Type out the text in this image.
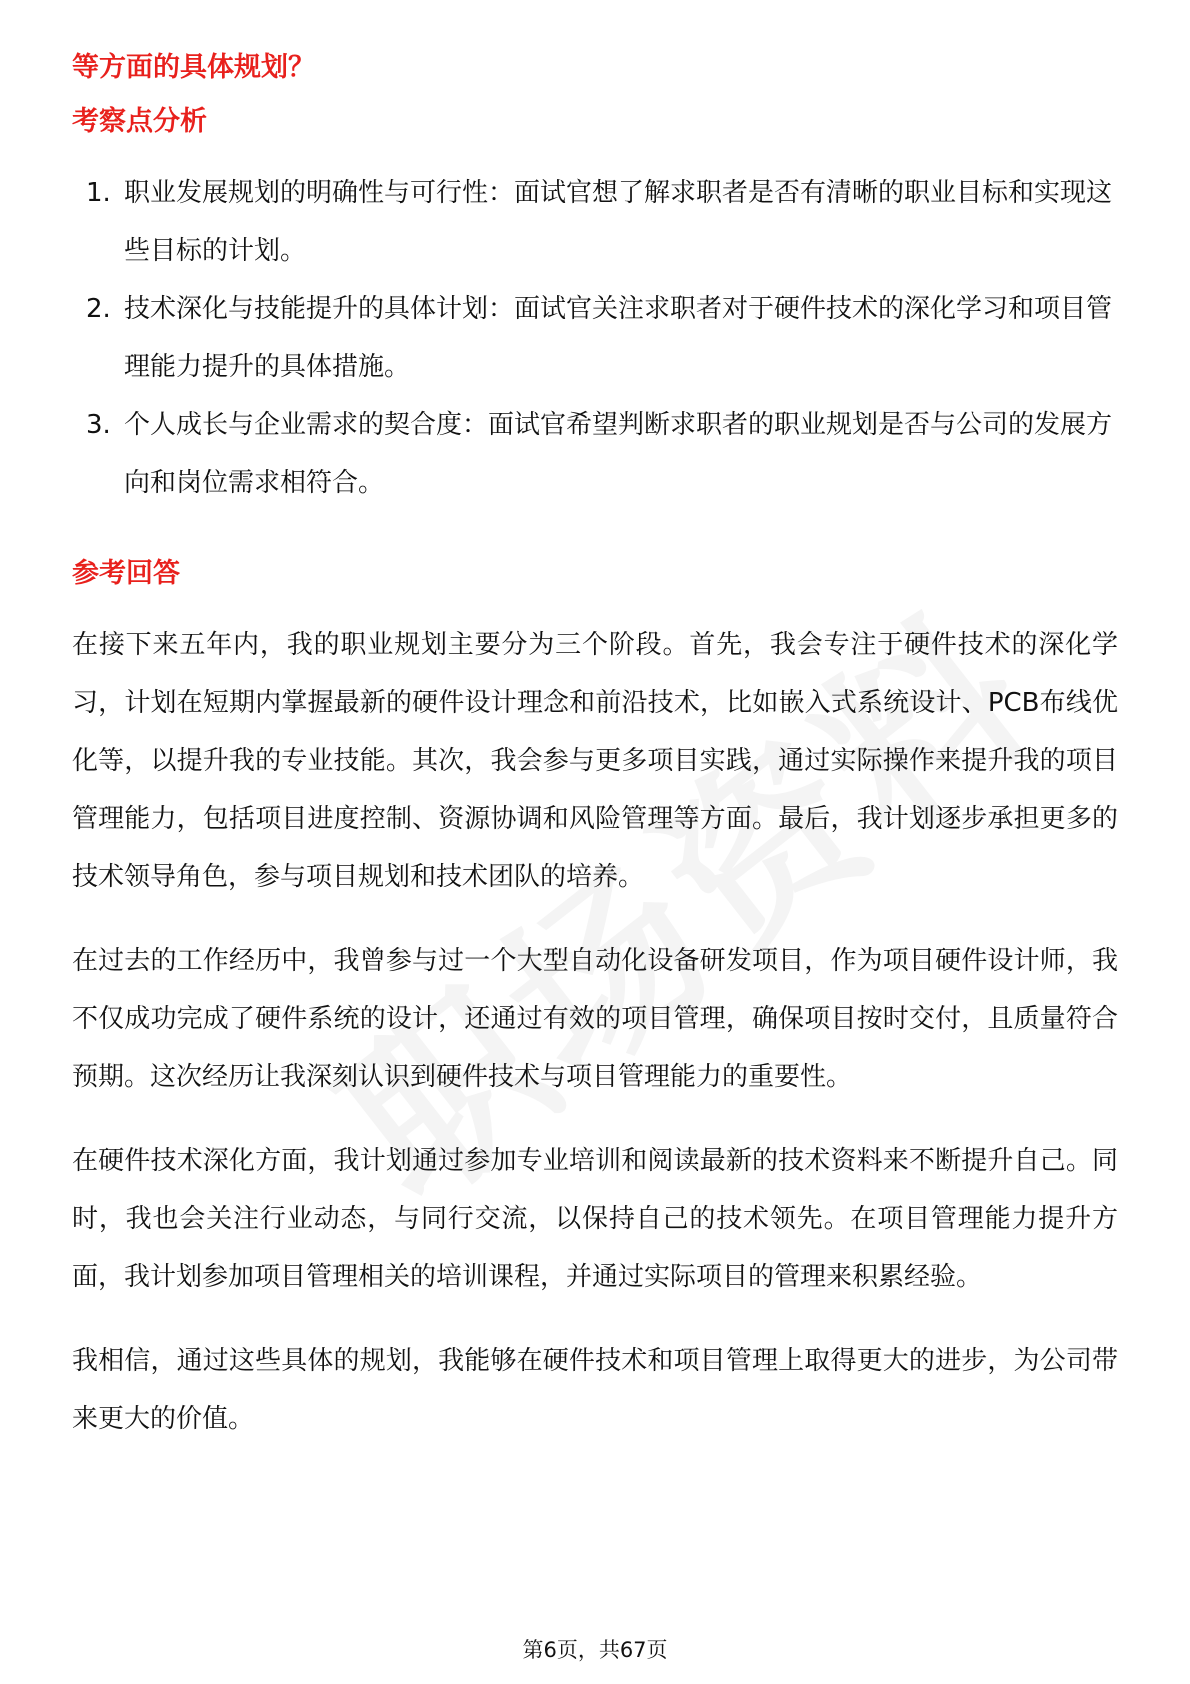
等方面的具体规划？

考察点分析

1. 职业发展规划的明确性与可行性：面试官想了解求职者是否有清晰的职业目标和实现这些目标的计划。
2. 技术深化与技能提升的具体计划：面试官关注求职者对于硬件技术的深化学习和项目管理能力提升的具体措施。
3. 个人成长与企业需求的契合度：面试官希望判断求职者的职业规划是否与公司的发展方向和岗位需求相符合。

参考回答

在接下来五年内，我的职业规划主要分为三个阶段。首先，我会专注于硬件技术的深化学习，计划在短期内掌握最新的硬件设计理念和前沿技术，比如嵌入式系统设计、PCB布线优化等，以提升我的专业技能。其次，我会参与更多项目实践，通过实际操作来提升我的项目管理能力，包括项目进度控制、资源协调和风险管理等方面。最后，我计划逐步承担更多的技术领导角色，参与项目规划和技术团队的培养。

在过去的工作经历中，我曾参与过一个大型自动化设备研发项目，作为项目硬件设计师，我不仅成功完成了硬件系统的设计，还通过有效的项目管理，确保项目按时交付，且质量符合预期。这次经历让我深刻认识到硬件技术与项目管理能力的重要性。

在硬件技术深化方面，我计划通过参加专业培训和阅读最新的技术资料来不断提升自己。同时，我也会关注行业动态，与同行交流，以保持自己的技术领先。在项目管理能力提升方面，我计划参加项目管理相关的培训课程，并通过实际项目的管理来积累经验。

我相信，通过这些具体的规划，我能够在硬件技术和项目管理上取得更大的进步，为公司带来更大的价值。

第6页，共67页
